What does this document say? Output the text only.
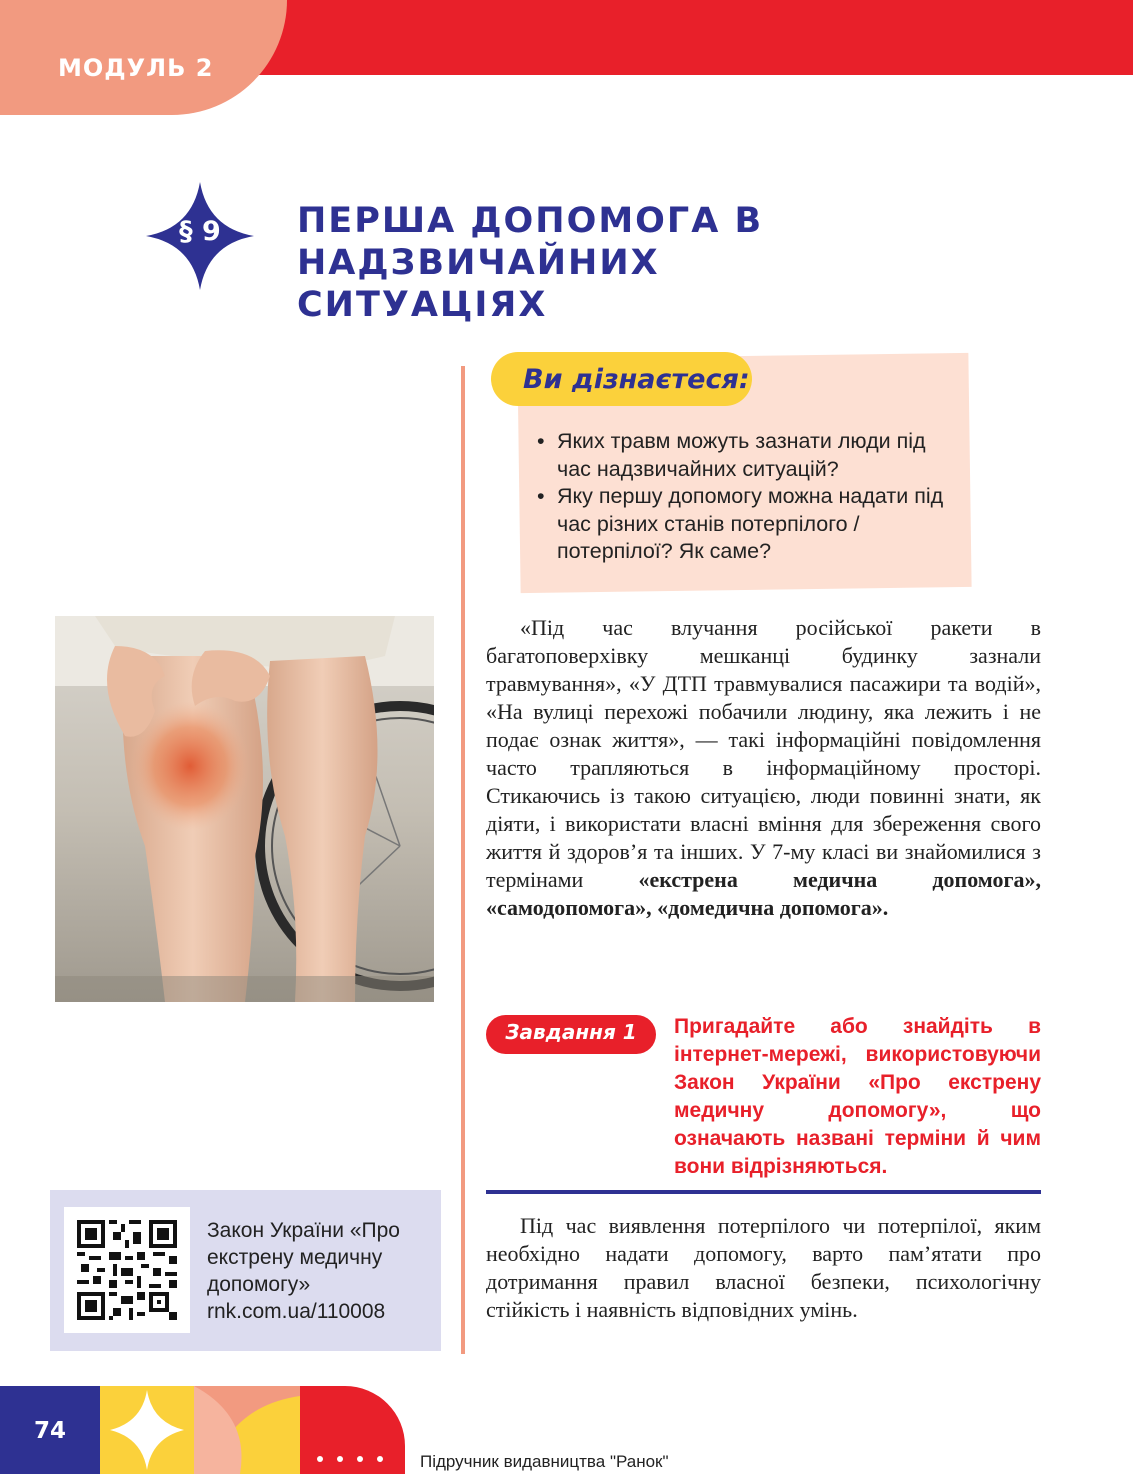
МОДУЛЬ 2
§ 9	ПЕРША ДОПОМОГА В НАДЗВИЧАЙНИХ
СИТУАЦІЯХ
Ви дізнаєтеся:
• Яких травм можуть зазнати люди під час надзвичайних ситуацій?
• Яку першу допомогу можна надати під час різних станів потерпілого / потерпілої? Як саме?
«Під час влучання російської ракети в багатоповерхівку мешканці будинку зазнали травмування», «У ДТП травмувалися пасажири та водій», «На вулиці перехожі побачили людину, яка лежить і не подає ознак життя», — такі інформаційні повідомлення часто трапляються в інформаційному просторі. Стикаючись із такою ситуацією, люди повинні знати, як діяти, і використати власні вміння для збереження свого життя й здоров’я та інших. У 7-му класі ви знайомилися з термінами «екстрена медична допомога», «самодопомога», «домедична допомога».
Завдання 1	Пригадайте або знайдіть в інтернет-мережі, використовуючи Закон України «Про екстрену медичну допомогу», що означають названі терміни й чим вони відрізняються.
Під час виявлення потерпілого чи потерпілої, яким необхідно надати допомогу, варто пам’ятати про дотримання правил власної безпеки, психологічну стійкість і наявність відповідних умінь.
Закон України «Про
екстрену медичну
допомогу»
rnk.com.ua/110008
74
Підручник видавництва "Ранок"
